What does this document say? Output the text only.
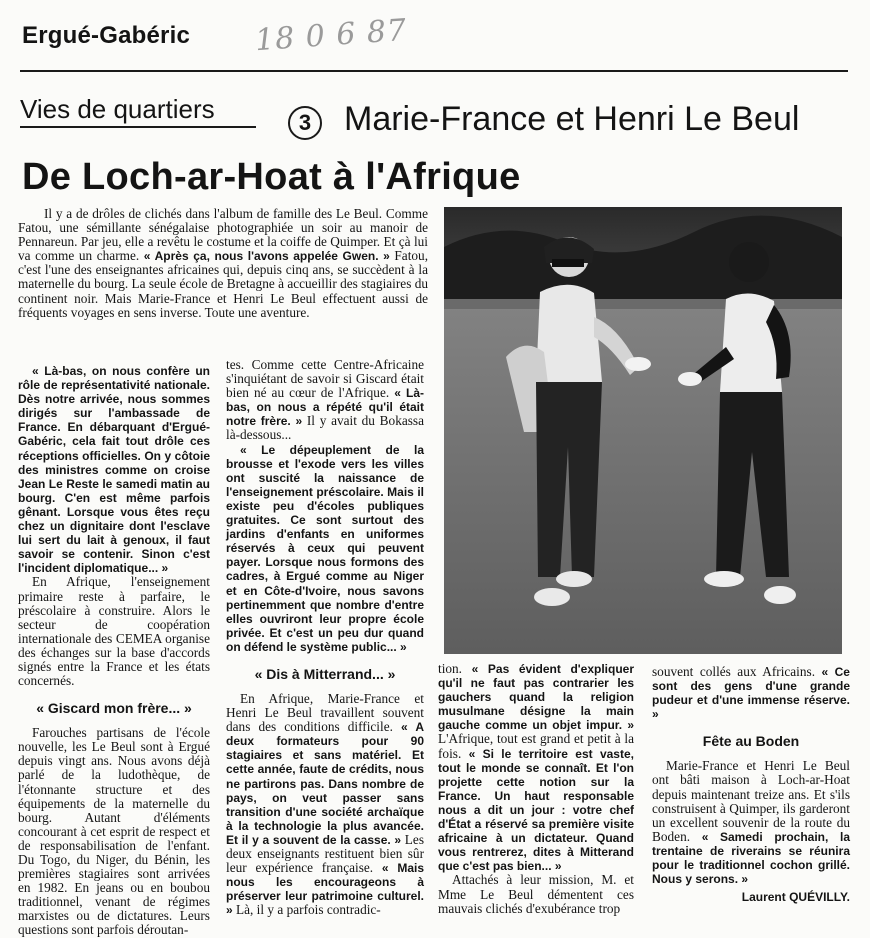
Ergué-Gabéric 18 0 6 87
Vies de quartiers	3 Marie-France et Henri Le Beul
De Loch-ar-Hoat à l'Afrique

Il y a de drôles de clichés dans l'album de famille des Le Beul. Comme Fatou, une sémillante sénégalaise photographiée un soir au manoir de Pennareun. Par jeu, elle a revêtu le costume et la coiffe de Quimper. Et çà lui va comme un charme. « Après ça, nous l'avons appelée Gwen. » Fatou, c'est l'une des enseignantes africaines qui, depuis cinq ans, se succèdent à la maternelle du bourg. La seule école de Bretagne à accueillir des stagiaires du continent noir. Mais Marie-France et Henri Le Beul effectuent aussi de fréquents voyages en sens inverse. Toute une aventure.

« Là-bas, on nous confère un rôle de représentativité nationale. Dès notre arrivée, nous sommes dirigés sur l'ambassade de France. En débarquant d'Ergué-Gabéric, cela fait tout drôle ces réceptions officielles. On y côtoie des ministres comme on croise Jean Le Reste le samedi matin au bourg. C'en est même parfois gênant. Lorsque vous êtes reçu chez un dignitaire dont l'esclave lui sert du lait à genoux, il faut savoir se contenir. Sinon c'est l'incident diplomatique... »

En Afrique, l'enseignement primaire reste à parfaire, le préscolaire à construire. Alors le secteur de coopération internationale des CEMEA organise des échanges sur la base d'accords signés entre la France et les états concernés.

« Giscard mon frère... »

Farouches partisans de l'école nouvelle, les Le Beul sont à Ergué depuis vingt ans. Nous avons déjà parlé de la ludothèque, de l'étonnante structure et des équipements de la maternelle du bourg. Autant d'éléments concourant à cet esprit de respect et de responsabilisation de l'enfant. Du Togo, du Niger, du Bénin, les premières stagiaires sont arrivées en 1982. En jeans ou en boubou traditionnel, venant de régimes marxistes ou de dictatures. Leurs questions sont parfois déroutan-

tes. Comme cette Centre-Africaine s'inquiétant de savoir si Giscard était bien né au cœur de l'Afrique. « Là-bas, on nous a répété qu'il était notre frère. » Il y avait du Bokassa là-dessous...

« Le dépeuplement de la brousse et l'exode vers les villes ont suscité la naissance de l'enseignement préscolaire. Mais il existe peu d'écoles publiques gratuites. Ce sont surtout des jardins d'enfants en uniformes réservés à ceux qui peuvent payer. Lorsque nous formons des cadres, à Ergué comme au Niger et en Côte-d'Ivoire, nous savons pertinemment que nombre d'entre elles ouvriront leur propre école privée. Et c'est un peu dur quand on défend le système public... »

« Dis à Mitterrand... »

En Afrique, Marie-France et Henri Le Beul travaillent souvent dans des conditions difficile. « A deux formateurs pour 90 stagiaires et sans matériel. Et cette année, faute de crédits, nous ne partirons pas. Dans nombre de pays, on veut passer sans transition d'une société archaïque à la technologie la plus avancée. Et il y a souvent de la casse. » Les deux enseignants restituent bien sûr leur expérience française. « Mais nous les encourageons à préserver leur patrimoine culturel. » Là, il y a parfois contradic-

tion. « Pas évident d'expliquer qu'il ne faut pas contrarier les gauchers quand la religion musulmane désigne la main gauche comme un objet impur. » L'Afrique, tout est grand et petit à la fois. « Si le territoire est vaste, tout le monde se connaît. Et l'on projette cette notion sur la France. Un haut responsable nous a dit un jour : votre chef d'État a réservé sa première visite africaine à un dictateur. Quand vous rentrerez, dites à Mitterand que c'est pas bien... »

Attachés à leur mission, M. et Mme Le Beul démentent ces mauvais clichés d'exubérance trop

souvent collés aux Africains. « Ce sont des gens d'une grande pudeur et d'une immense réserve. »

Fête au Boden

Marie-France et Henri Le Beul ont bâti maison à Loch-ar-Hoat depuis maintenant treize ans. Et s'ils construisent à Quimper, ils garderont un excellent souvenir de la route du Boden. « Samedi prochain, la trentaine de riverains se réunira pour le traditionnel cochon grillé. Nous y serons. »

Laurent QUÉVILLY.
